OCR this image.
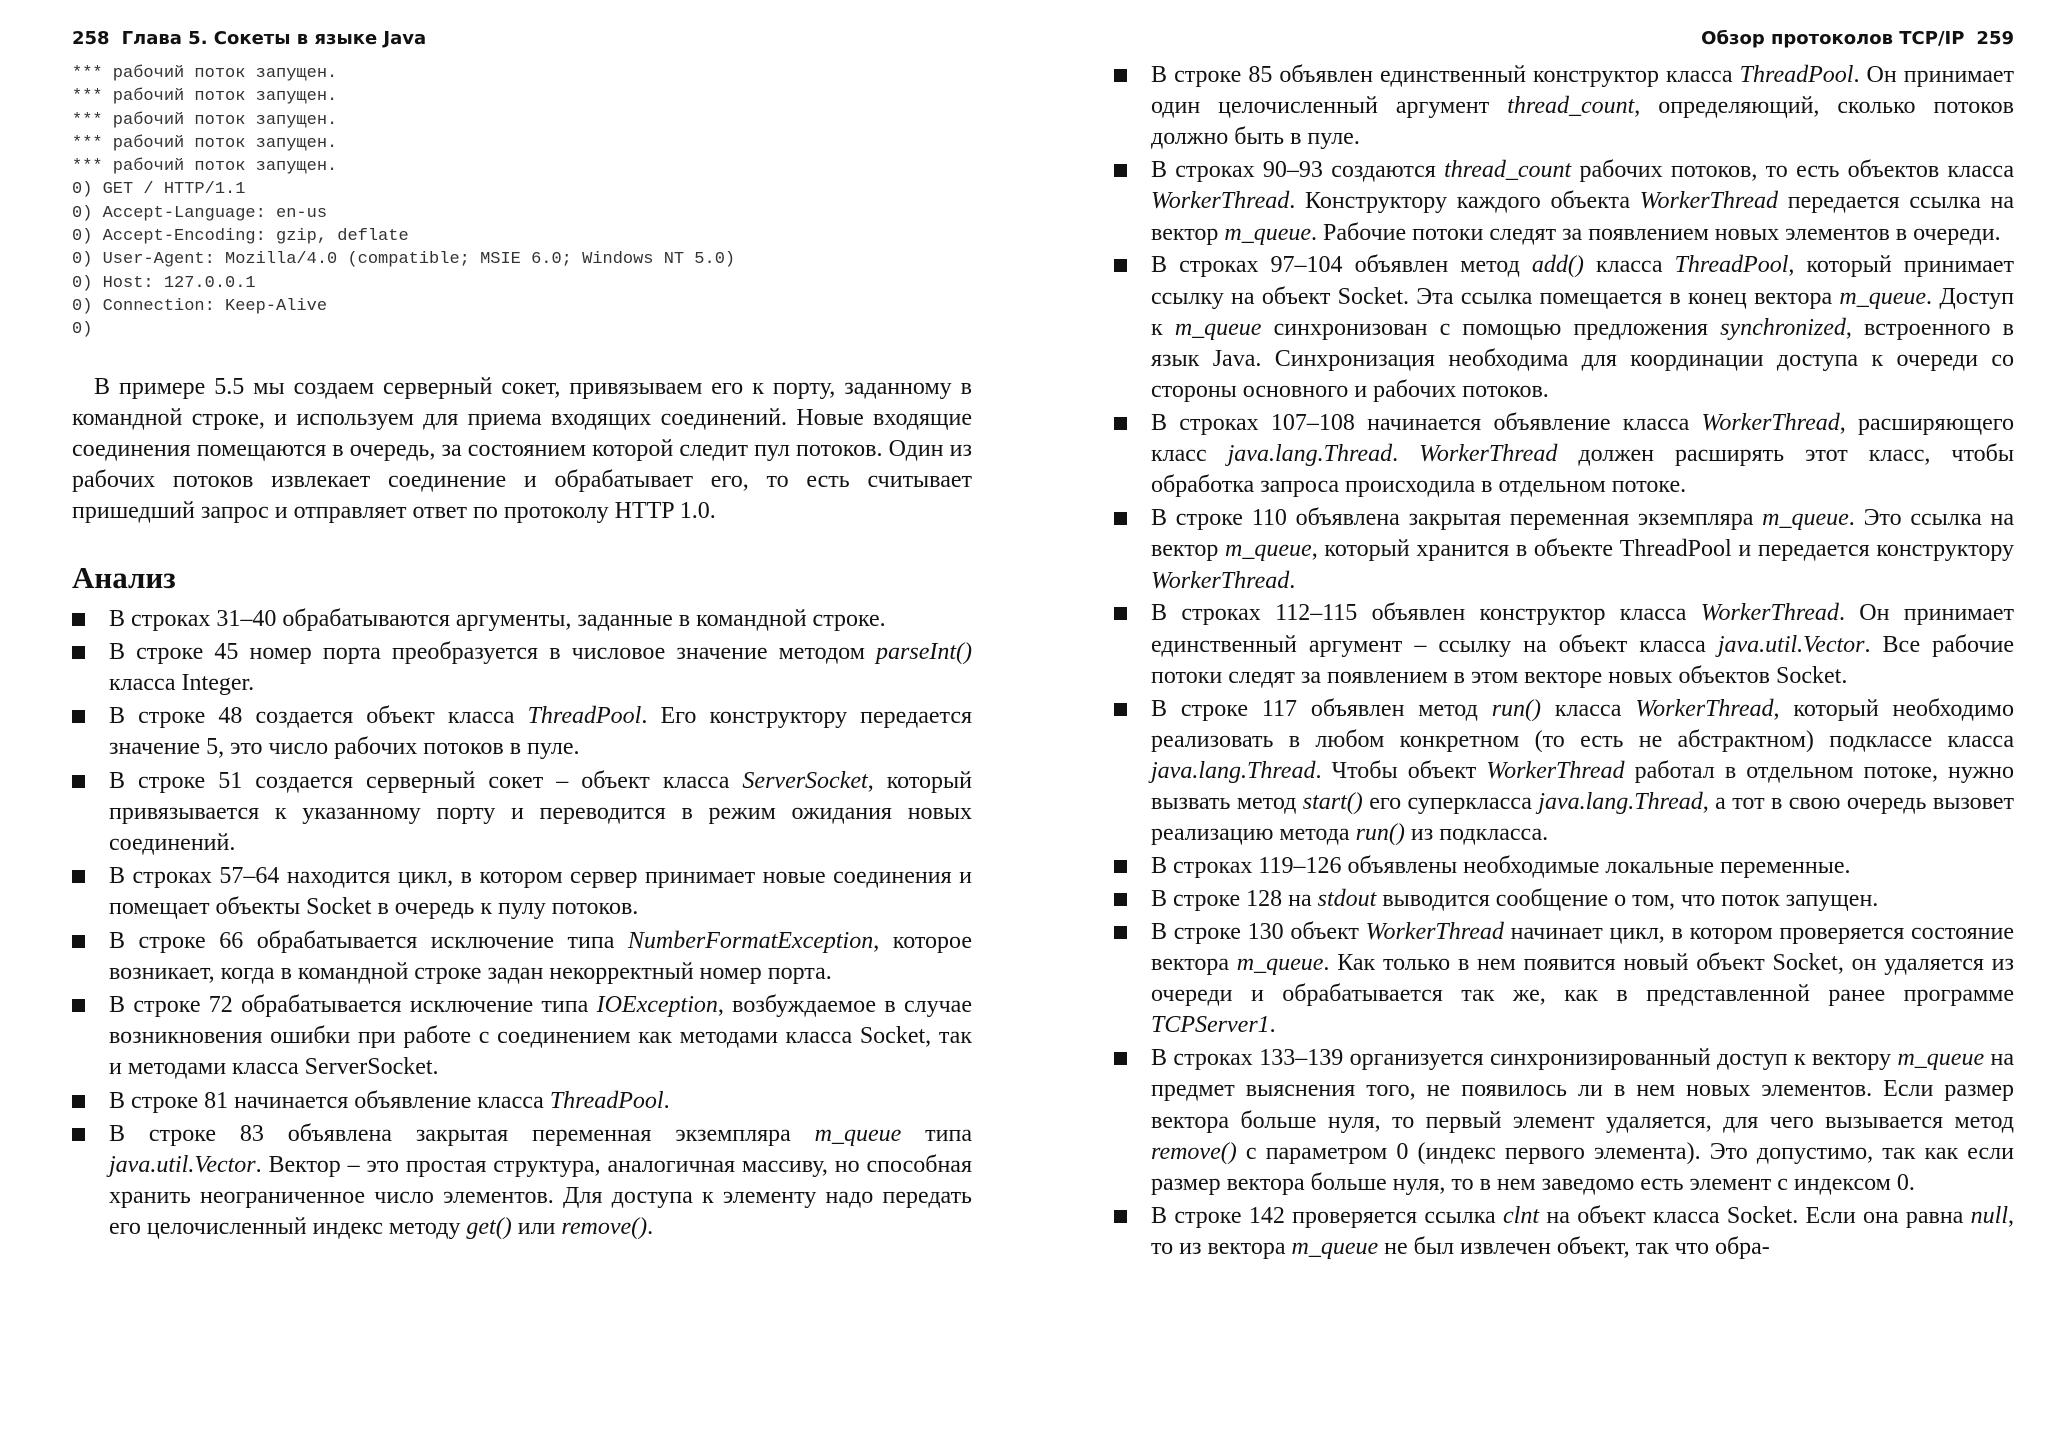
258 Глава 5. Сокеты в языке Java
*** рабочий поток запущен.
*** рабочий поток запущен.
*** рабочий поток запущен.
*** рабочий поток запущен.
*** рабочий поток запущен.
0) GET / HTTP/1.1
0) Accept-Language: en-us
0) Accept-Encoding: gzip, deflate
0) User-Agent: Mozilla/4.0 (compatible; MSIE 6.0; Windows NT 5.0)
0) Host: 127.0.0.1
0) Connection: Keep-Alive
0)

В примере 5.5 мы создаем серверный сокет, привязываем его к порту, заданному в командной строке, и используем для приема входящих соединений. Новые входящие соединения помещаются в очередь, за состоянием которой следит пул потоков. Один из рабочих потоков извлекает соединение и обрабатывает его, то есть считывает пришедший запрос и отправляет ответ по протоколу HTTP 1.0.

Анализ
В строках 31–40 обрабатываются аргументы, заданные в командной строке.
В строке 45 номер порта преобразуется в числовое значение методом parseInt() класса Integer.
В строке 48 создается объект класса ThreadPool. Его конструктору передается значение 5, это число рабочих потоков в пуле.
В строке 51 создается серверный сокет – объект класса ServerSocket, который привязывается к указанному порту и переводится в режим ожидания новых соединений.
В строках 57–64 находится цикл, в котором сервер принимает новые соединения и помещает объекты Socket в очередь к пулу потоков.
В строке 66 обрабатывается исключение типа NumberFormatException, которое возникает, когда в командной строке задан некорректный номер порта.
В строке 72 обрабатывается исключение типа IOException, возбуждаемое в случае возникновения ошибки при работе с соединением как методами класса Socket, так и методами класса ServerSocket.
В строке 81 начинается объявление класса ThreadPool.
В строке 83 объявлена закрытая переменная экземпляра m_queue типа java.util.Vector. Вектор – это простая структура, аналогичная массиву, но способная хранить неограниченное число элементов. Для доступа к элементу надо передать его целочисленный индекс методу get() или remove().
Обзор протоколов TCP/IP 259
В строке 85 объявлен единственный конструктор класса ThreadPool. Он принимает один целочисленный аргумент thread_count, определяющий, сколько потоков должно быть в пуле.
В строках 90–93 создаются thread_count рабочих потоков, то есть объектов класса WorkerThread. Конструктору каждого объекта WorkerThread передается ссылка на вектор m_queue. Рабочие потоки следят за появлением новых элементов в очереди.
В строках 97–104 объявлен метод add() класса ThreadPool, который принимает ссылку на объект Socket. Эта ссылка помещается в конец вектора m_queue. Доступ к m_queue синхронизован с помощью предложения synchronized, встроенного в язык Java. Синхронизация необходима для координации доступа к очереди со стороны основного и рабочих потоков.
В строках 107–108 начинается объявление класса WorkerThread, расширяющего класс java.lang.Thread. WorkerThread должен расширять этот класс, чтобы обработка запроса происходила в отдельном потоке.
В строке 110 объявлена закрытая переменная экземпляра m_queue. Это ссылка на вектор m_queue, который хранится в объекте ThreadPool и передается конструктору WorkerThread.
В строках 112–115 объявлен конструктор класса WorkerThread. Он принимает единственный аргумент – ссылку на объект класса java.util.Vector. Все рабочие потоки следят за появлением в этом векторе новых объектов Socket.
В строке 117 объявлен метод run() класса WorkerThread, который необходимо реализовать в любом конкретном (то есть не абстрактном) подклассе класса java.lang.Thread. Чтобы объект WorkerThread работал в отдельном потоке, нужно вызвать метод start() его суперкласса java.lang.Thread, а тот в свою очередь вызовет реализацию метода run() из подкласса.
В строках 119–126 объявлены необходимые локальные переменные.
В строке 128 на stdout выводится сообщение о том, что поток запущен.
В строке 130 объект WorkerThread начинает цикл, в котором проверяется состояние вектора m_queue. Как только в нем появится новый объект Socket, он удаляется из очереди и обрабатывается так же, как в представленной ранее программе TCPServer1.
В строках 133–139 организуется синхронизированный доступ к вектору m_queue на предмет выяснения того, не появилось ли в нем новых элементов. Если размер вектора больше нуля, то первый элемент удаляется, для чего вызывается метод remove() с параметром 0 (индекс первого элемента). Это допустимо, так как если размер вектора больше нуля, то в нем заведомо есть элемент с индексом 0.
В строке 142 проверяется ссылка clnt на объект класса Socket. Если она равна null, то из вектора m_queue не был извлечен объект, так что обра-
